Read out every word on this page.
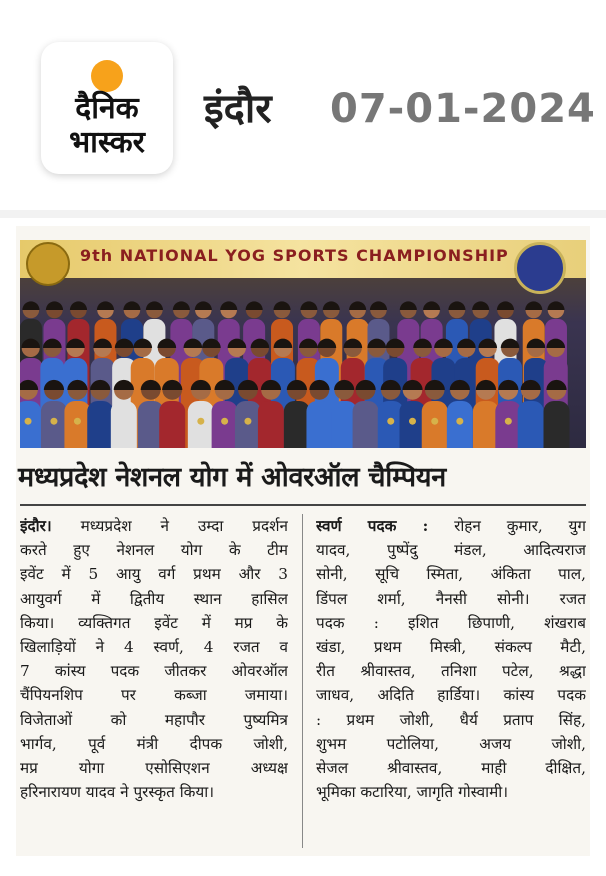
दैनिक
भास्कर
इंदौर 07-01-2024
9th NATIONAL YOG SPORTS CHAMPIONSHIP
मध्यप्रदेश नेशनल योग में ओवरऑल चैम्पियन
इंदौर। मध्यप्रदेश ने उम्दा प्रदर्शन
करते हुए नेशनल योग के टीम
इवेंट में 5 आयु वर्ग प्रथम और 3
आयुवर्ग में द्वितीय स्थान हासिल
किया। व्यक्तिगत इवेंट में मप्र के
खिलाड़ियों ने 4 स्वर्ण, 4 रजत व
7 कांस्य पदक जीतकर ओवरऑल
चैंपियनशिप पर कब्जा जमाया।
विजेताओं को महापौर पुष्यमित्र
भार्गव, पूर्व मंत्री दीपक जोशी,
मप्र योगा एसोसिएशन अध्यक्ष
हरिनारायण यादव ने पुरस्कृत किया।
स्वर्ण पदक : रोहन कुमार, युग
यादव, पुष्पेंदु मंडल, आदित्यराज
सोनी, सूचि स्मिता, अंकिता पाल,
डिंपल शर्मा, नैनसी सोनी। रजत
पदक : इशित छिपाणी, शंखराब
खंडा, प्रथम मिस्त्री, संकल्प मैटी,
रीत श्रीवास्तव, तनिशा पटेल, श्रद्धा
जाधव, अदिति हार्डिया। कांस्य पदक
: प्रथम जोशी, धैर्य प्रताप सिंह,
शुभम पटोलिया, अजय जोशी,
सेजल श्रीवास्तव, माही दीक्षित,
भूमिका कटारिया, जागृति गोस्वामी।
